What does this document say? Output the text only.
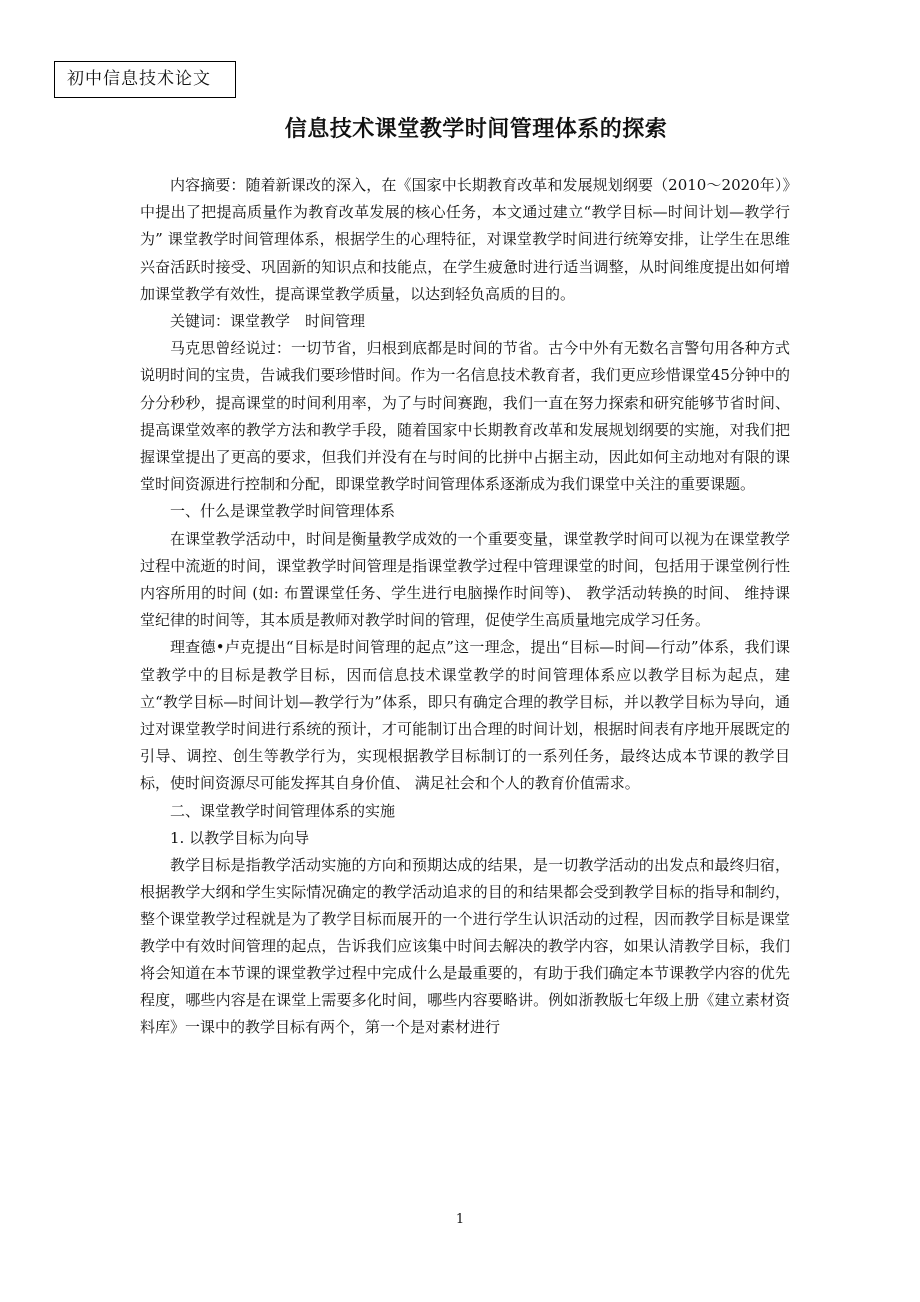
初中信息技术论文
信息技术课堂教学时间管理体系的探索

内容摘要：随着新课改的深入，在《国家中长期教育改革和发展规划纲要（2010～2020年）》中提出了把提高质量作为教育改革发展的核心任务，本文通过建立“教学目标—时间计划—教学行为” 课堂教学时间管理体系，根据学生的心理特征，对课堂教学时间进行统筹安排，让学生在思维兴奋活跃时接受、巩固新的知识点和技能点，在学生疲惫时进行适当调整，从时间维度提出如何增加课堂教学有效性，提高课堂教学质量，以达到轻负高质的目的。

关键词：课堂教学　时间管理

马克思曾经说过：一切节省，归根到底都是时间的节省。古今中外有无数名言警句用各种方式说明时间的宝贵，告诫我们要珍惜时间。作为一名信息技术教育者，我们更应珍惜课堂45分钟中的分分秒秒，提高课堂的时间利用率，为了与时间赛跑，我们一直在努力探索和研究能够节省时间、提高课堂效率的教学方法和教学手段，随着国家中长期教育改革和发展规划纲要的实施，对我们把握课堂提出了更高的要求，但我们并没有在与时间的比拼中占据主动，因此如何主动地对有限的课堂时间资源进行控制和分配，即课堂教学时间管理体系逐渐成为我们课堂中关注的重要课题。

一、什么是课堂教学时间管理体系

在课堂教学活动中，时间是衡量教学成效的一个重要变量，课堂教学时间可以视为在课堂教学过程中流逝的时间，课堂教学时间管理是指课堂教学过程中管理课堂的时间，包括用于课堂例行性内容所用的时间 (如: 布置课堂任务、学生进行电脑操作时间等)、 教学活动转换的时间、 维持课堂纪律的时间等，其本质是教师对教学时间的管理，促使学生高质量地完成学习任务。

理查德•卢克提出“目标是时间管理的起点”这一理念，提出“目标—时间—行动”体系，我们课堂教学中的目标是教学目标，因而信息技术课堂教学的时间管理体系应以教学目标为起点，建立“教学目标—时间计划—教学行为”体系，即只有确定合理的教学目标，并以教学目标为导向，通过对课堂教学时间进行系统的预计，才可能制订出合理的时间计划，根据时间表有序地开展既定的引导、调控、创生等教学行为，实现根据教学目标制订的一系列任务，最终达成本节课的教学目标，使时间资源尽可能发挥其自身价值、 满足社会和个人的教育价值需求。

二、课堂教学时间管理体系的实施

1. 以教学目标为向导

教学目标是指教学活动实施的方向和预期达成的结果，是一切教学活动的出发点和最终归宿，根据教学大纲和学生实际情况确定的教学活动追求的目的和结果都会受到教学目标的指导和制约，整个课堂教学过程就是为了教学目标而展开的一个进行学生认识活动的过程，因而教学目标是课堂教学中有效时间管理的起点，告诉我们应该集中时间去解决的教学内容，如果认清教学目标，我们将会知道在本节课的课堂教学过程中完成什么是最重要的，有助于我们确定本节课教学内容的优先程度，哪些内容是在课堂上需要多化时间，哪些内容要略讲。例如浙教版七年级上册《建立素材资料库》一课中的教学目标有两个，第一个是对素材进行

1
